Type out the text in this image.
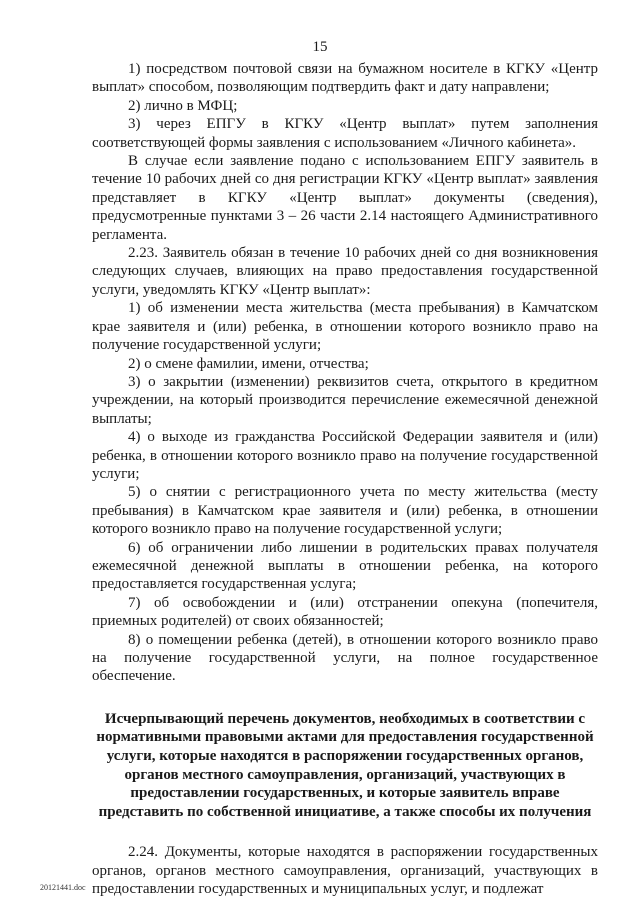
15

1) посредством почтовой связи на бумажном носителе в КГКУ «Центр выплат» способом, позволяющим подтвердить факт и дату направлени;

2) лично в МФЦ;

3) через ЕПГУ в КГКУ «Центр выплат» путем заполнения соответствующей формы заявления с использованием «Личного кабинета».

В случае если заявление подано с использованием ЕПГУ заявитель в течение 10 рабочих дней со дня регистрации КГКУ «Центр выплат» заявления представляет в КГКУ «Центр выплат» документы (сведения), предусмотренные пунктами 3 – 26 части 2.14 настоящего Административного регламента.

2.23. Заявитель обязан в течение 10 рабочих дней со дня возникновения следующих случаев, влияющих на право предоставления государственной услуги, уведомлять КГКУ «Центр выплат»:

1) об изменении места жительства (места пребывания) в Камчатском крае заявителя и (или) ребенка, в отношении которого возникло право на получение государственной услуги;

2) о смене фамилии, имени, отчества;

3) о закрытии (изменении) реквизитов счета, открытого в кредитном учреждении, на который производится перечисление ежемесячной денежной выплаты;

4) о выходе из гражданства Российской Федерации заявителя и (или) ребенка, в отношении которого возникло право на получение государственной услуги;

5) о снятии с регистрационного учета по месту жительства (месту пребывания) в Камчатском крае заявителя и (или) ребенка, в отношении которого возникло право на получение государственной услуги;

6) об ограничении либо лишении в родительских правах получателя ежемесячной денежной выплаты в отношении ребенка, на которого предоставляется государственная услуга;

7) об освобождении и (или) отстранении опекуна (попечителя, приемных родителей) от своих обязанностей;

8) о помещении ребенка (детей), в отношении которого возникло право на получение государственной услуги, на полное государственное обеспечение.

Исчерпывающий перечень документов, необходимых в соответствии с нормативными правовыми актами для предоставления государственной услуги, которые находятся в распоряжении государственных органов, органов местного самоуправления, организаций, участвующих в предоставлении государственных, и которые заявитель вправе представить по собственной инициативе, а также способы их получения

2.24. Документы, которые находятся в распоряжении государственных органов, органов местного самоуправления, организаций, участвующих в предоставлении государственных и муниципальных услуг, и подлежат

20121441.doc
